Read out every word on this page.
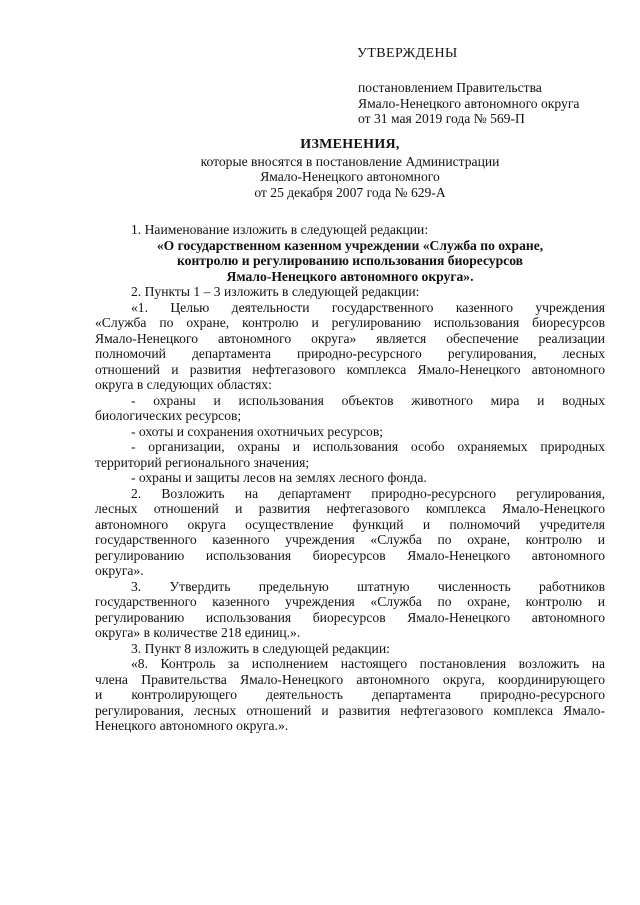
УТВЕРЖДЕНЫ
постановлением Правительства
Ямало-Ненецкого автономного округа
от 31 мая 2019 года № 569-П
ИЗМЕНЕНИЯ,
которые вносятся в постановление Администрации
Ямало-Ненецкого автономного
от 25 декабря 2007 года № 629-А
1. Наименование изложить в следующей редакции:
«О государственном казенном учреждении «Служба по охране,
контролю и регулированию использования биоресурсов
Ямало-Ненецкого автономного округа».
2. Пункты 1 – 3 изложить в следующей редакции:
«1. Целью деятельности государственного казенного учреждения
«Служба по охране, контролю и регулированию использования биоресурсов
Ямало-Ненецкого автономного округа» является обеспечение реализации
полномочий департамента природно-ресурсного регулирования, лесных
отношений и развития нефтегазового комплекса Ямало-Ненецкого автономного
округа в следующих областях:
- охраны и использования объектов животного мира и водных
биологических ресурсов;
- охоты и сохранения охотничьих ресурсов;
- организации, охраны и использования особо охраняемых природных
территорий регионального значения;
- охраны и защиты лесов на землях лесного фонда.
2. Возложить на департамент природно-ресурсного регулирования,
лесных отношений и развития нефтегазового комплекса Ямало-Ненецкого
автономного округа осуществление функций и полномочий учредителя
государственного казенного учреждения «Служба по охране, контролю и
регулированию использования биоресурсов Ямало-Ненецкого автономного
округа».
3. Утвердить предельную штатную численность работников
государственного казенного учреждения «Служба по охране, контролю и
регулированию использования биоресурсов Ямало-Ненецкого автономного
округа» в количестве 218 единиц.».
3. Пункт 8 изложить в следующей редакции:
«8. Контроль за исполнением настоящего постановления возложить на
члена Правительства Ямало-Ненецкого автономного округа, координирующего
и контролирующего деятельность департамента природно-ресурсного
регулирования, лесных отношений и развития нефтегазового комплекса Ямало-
Ненецкого автономного округа.».
